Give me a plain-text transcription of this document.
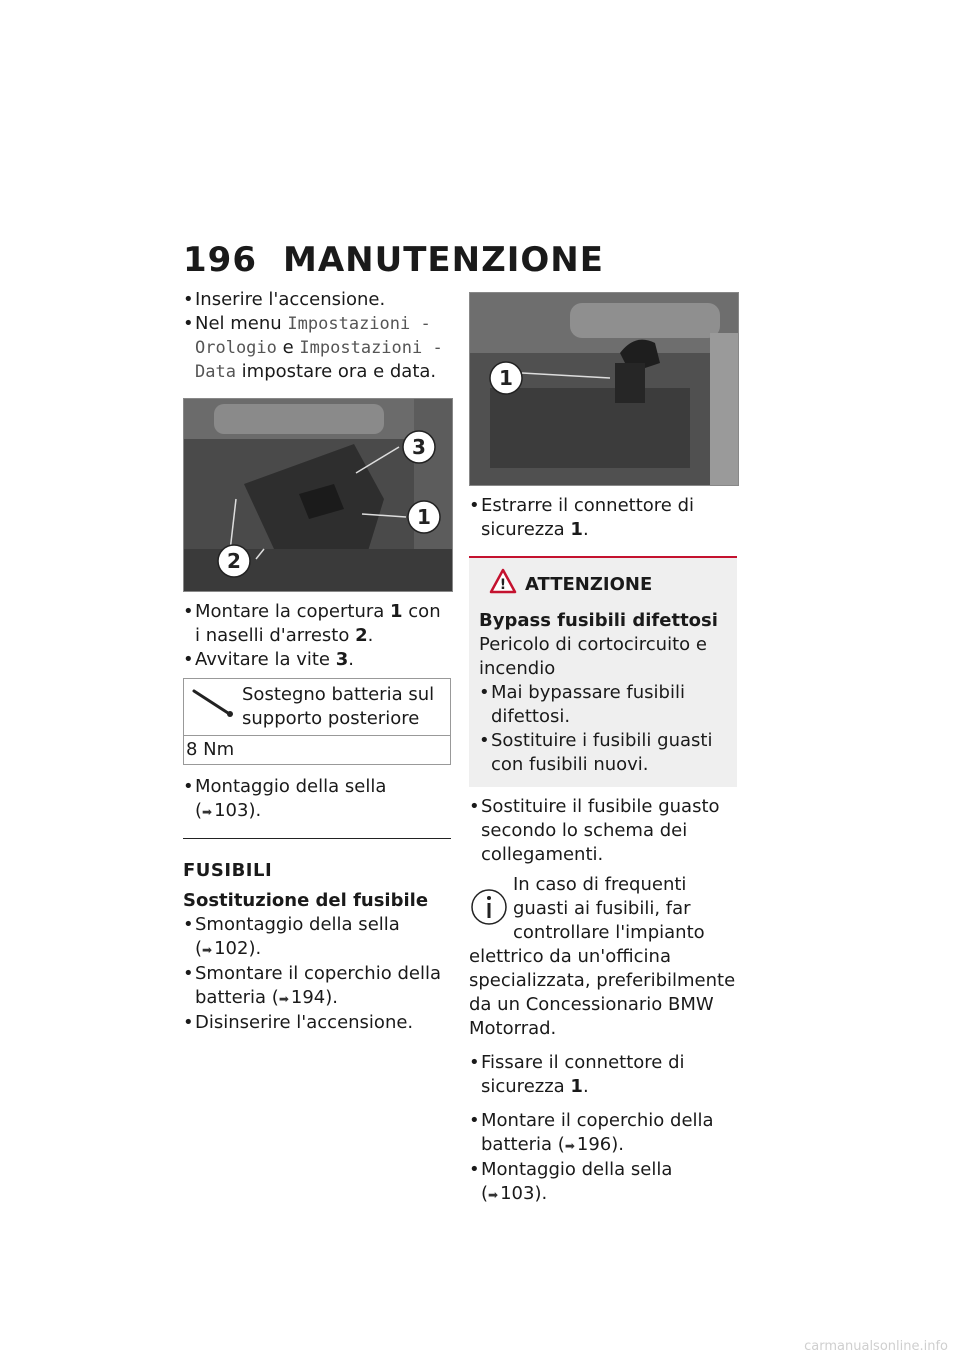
196 MANUTENZIONE

• Inserire l'accensione.

• Nel menu Impostazioni - Orologio e Impostazioni - Data impostare ora e data.

3
1
2

• Montare la copertura 1 con i naselli d'arresto 2.

• Avvitare la vite 3.

Sostegno batteria sul supporto posteriore
8 Nm

• Montaggio della sella (➡ 103).

FUSIBILI
Sostituzione del fusibile

• Smontaggio della sella (➡ 102).

• Smontare il coperchio della batteria (➡ 194).

• Disinserire l'accensione.

1

• Estrarre il connettore di sicurezza 1.

! ATTENZIONE
Bypass fusibili difettosi
Pericolo di cortocircuito e incendio

• Mai bypassare fusibili difettosi.

• Sostituire i fusibili guasti con fusibili nuovi.

• Sostituire il fusibile guasto secondo lo schema dei collegamenti.

In caso di frequenti guasti ai fusibili, far controllare l'impianto elettrico da un'officina specializzata, preferibilmente da un Concessionario BMW Motorrad.

• Fissare il connettore di sicurezza 1.

• Montare il coperchio della batteria (➡ 196).

• Montaggio della sella (➡ 103).

carmanualsonline.info
